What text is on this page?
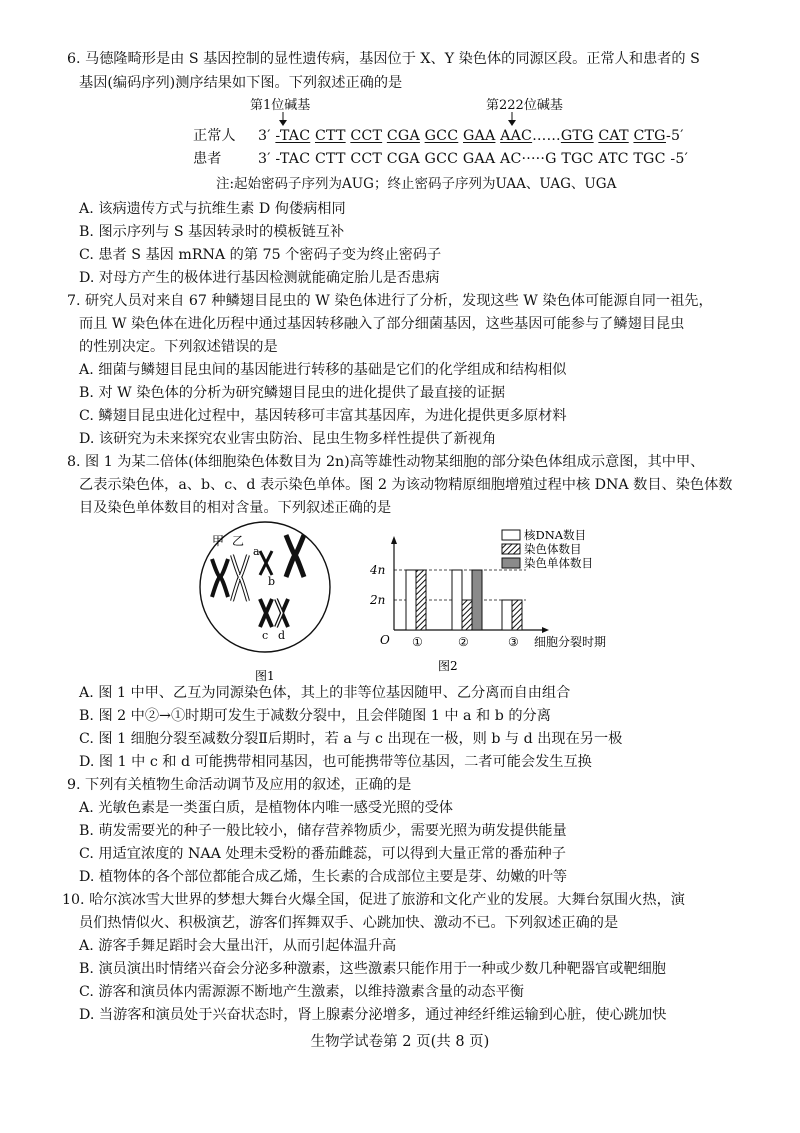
6. 马德隆畸形是由 S 基因控制的显性遗传病，基因位于 X、Y 染色体的同源区段。正常人和患者的 S
基因(编码序列)测序结果如下图。下列叙述正确的是
第1位碱基	第222位碱基
正常人 3′ -TAC CTT CCT CGA GCC GAA AAC……GTG CAT CTG-5′
患者	3′ -TAC CTT CCT CGA GCC GAA AC·····G TGC ATC TGC -5′
注:起始密码子序列为AUG；终止密码子序列为UAA、UAG、UGA
A. 该病遗传方式与抗维生素 D 佝偻病相同
B. 图示序列与 S 基因转录时的模板链互补
C. 患者 S 基因 mRNA 的第 75 个密码子变为终止密码子
D. 对母方产生的极体进行基因检测就能确定胎儿是否患病
7. 研究人员对来自 67 种鳞翅目昆虫的 W 染色体进行了分析，发现这些 W 染色体可能源自同一祖先，
而且 W 染色体在进化历程中通过基因转移融入了部分细菌基因，这些基因可能参与了鳞翅目昆虫
的性别决定。下列叙述错误的是
A. 细菌与鳞翅目昆虫间的基因能进行转移的基础是它们的化学组成和结构相似
B. 对 W 染色体的分析为研究鳞翅目昆虫的进化提供了最直接的证据
C. 鳞翅目昆虫进化过程中，基因转移可丰富其基因库，为进化提供更多原材料
D. 该研究为未来探究农业害虫防治、昆虫生物多样性提供了新视角
8. 图 1 为某二倍体(体细胞染色体数目为 2n)高等雄性动物某细胞的部分染色体组成示意图，其中甲、
乙表示染色体，a、b、c、d 表示染色单体。图 2 为该动物精原细胞增殖过程中核 DNA 数目、染色体数
目及染色单体数目的相对含量。下列叙述正确的是
甲 乙
a
b
c d
图1
O
2n
4n
①	②	③ 细胞分裂时期
核DNA数目
染色体数目
染色单体数目
图2
A. 图 1 中甲、乙互为同源染色体，其上的非等位基因随甲、乙分离而自由组合
B. 图 2 中②→①时期可发生于减数分裂中，且会伴随图 1 中 a 和 b 的分离
C. 图 1 细胞分裂至减数分裂Ⅱ后期时，若 a 与 c 出现在一极，则 b 与 d 出现在另一极
D. 图 1 中 c 和 d 可能携带相同基因，也可能携带等位基因，二者可能会发生互换
9. 下列有关植物生命活动调节及应用的叙述，正确的是
A. 光敏色素是一类蛋白质，是植物体内唯一感受光照的受体
B. 萌发需要光的种子一般比较小，储存营养物质少，需要光照为萌发提供能量
C. 用适宜浓度的 NAA 处理未受粉的番茄雌蕊，可以得到大量正常的番茄种子
D. 植物体的各个部位都能合成乙烯，生长素的合成部位主要是芽、幼嫩的叶等
10. 哈尔滨冰雪大世界的梦想大舞台火爆全国，促进了旅游和文化产业的发展。大舞台氛围火热，演
员们热情似火、积极演艺，游客们挥舞双手、心跳加快、激动不已。下列叙述正确的是
A. 游客手舞足蹈时会大量出汗，从而引起体温升高
B. 演员演出时情绪兴奋会分泌多种激素，这些激素只能作用于一种或少数几种靶器官或靶细胞
C. 游客和演员体内需源源不断地产生激素，以维持激素含量的动态平衡
D. 当游客和演员处于兴奋状态时，肾上腺素分泌增多，通过神经纤维运输到心脏，使心跳加快
生物学试卷第 2 页(共 8 页)
